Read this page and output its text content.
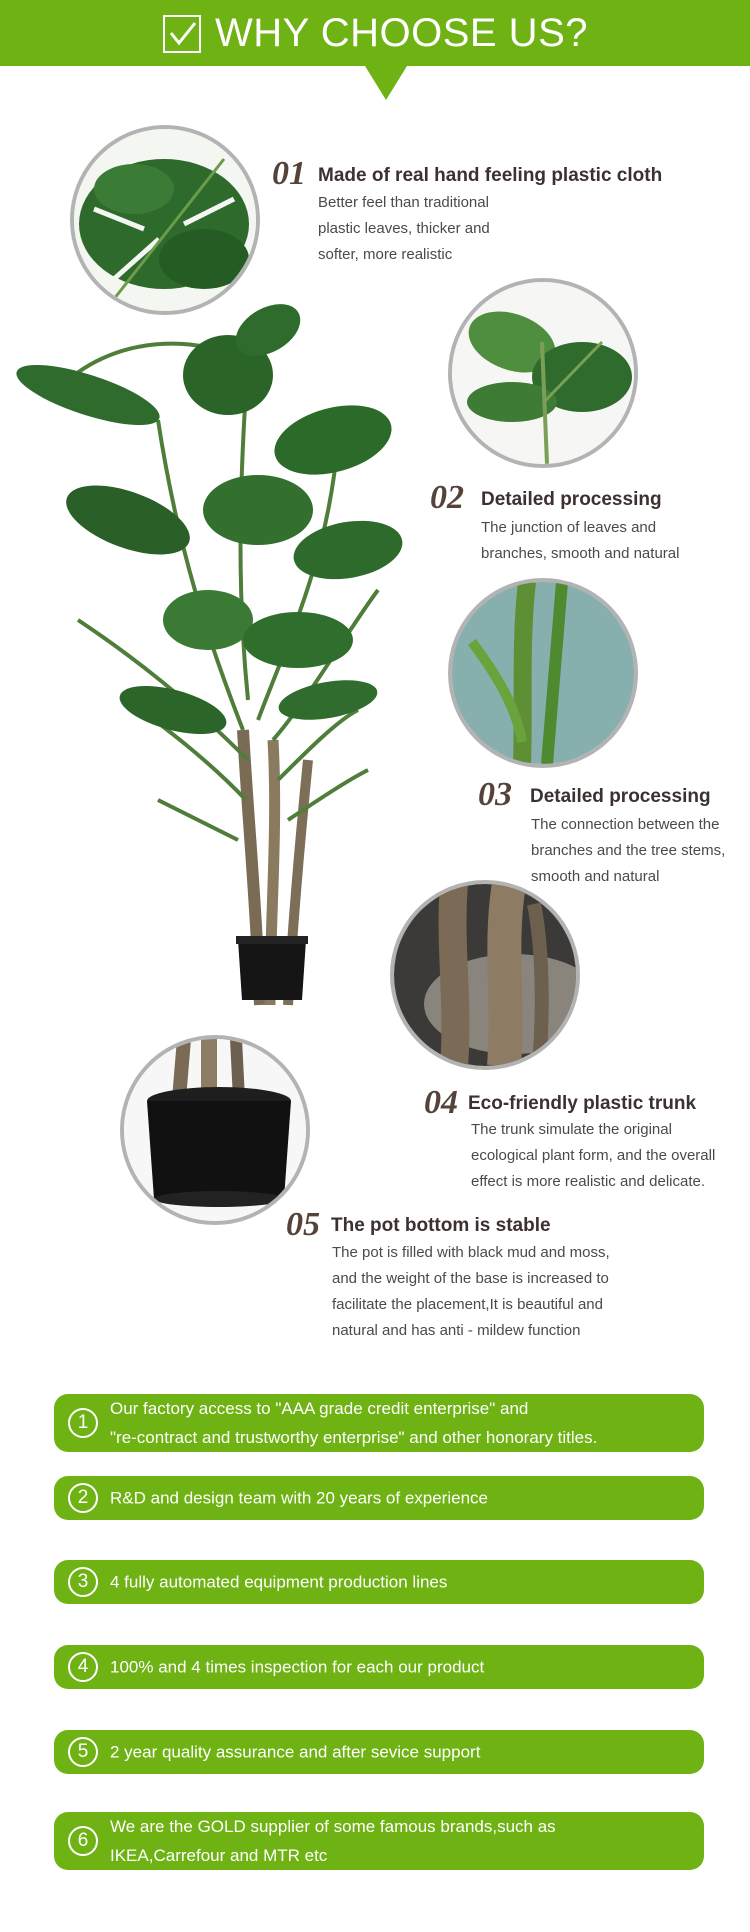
WHY CHOOSE US?
01 Made of real hand feeling plastic cloth
Better feel than traditional
plastic leaves, thicker and
softer, more realistic
02 Detailed processing
The junction of leaves and
branches, smooth and natural
03 Detailed processing
The connection between the
branches and the tree stems,
smooth and natural
04 Eco-friendly plastic trunk
The trunk simulate the original
ecological plant form, and the overall
effect is more realistic and delicate.
05 The pot bottom is stable
The pot is filled with black mud and moss,
and the weight of the base is increased to
facilitate the placement,It is beautiful and
natural and has anti - mildew function
1
Our factory access to "AAA grade credit enterprise" and
"re-contract and trustworthy enterprise" and other honorary titles.
2	R&D and design team with 20 years of experience
3	4 fully automated equipment production lines
4	100% and 4 times inspection for each our product
5	2 year quality assurance and after sevice support
6
We are the GOLD supplier of some famous brands,such as
IKEA,Carrefour and MTR etc
